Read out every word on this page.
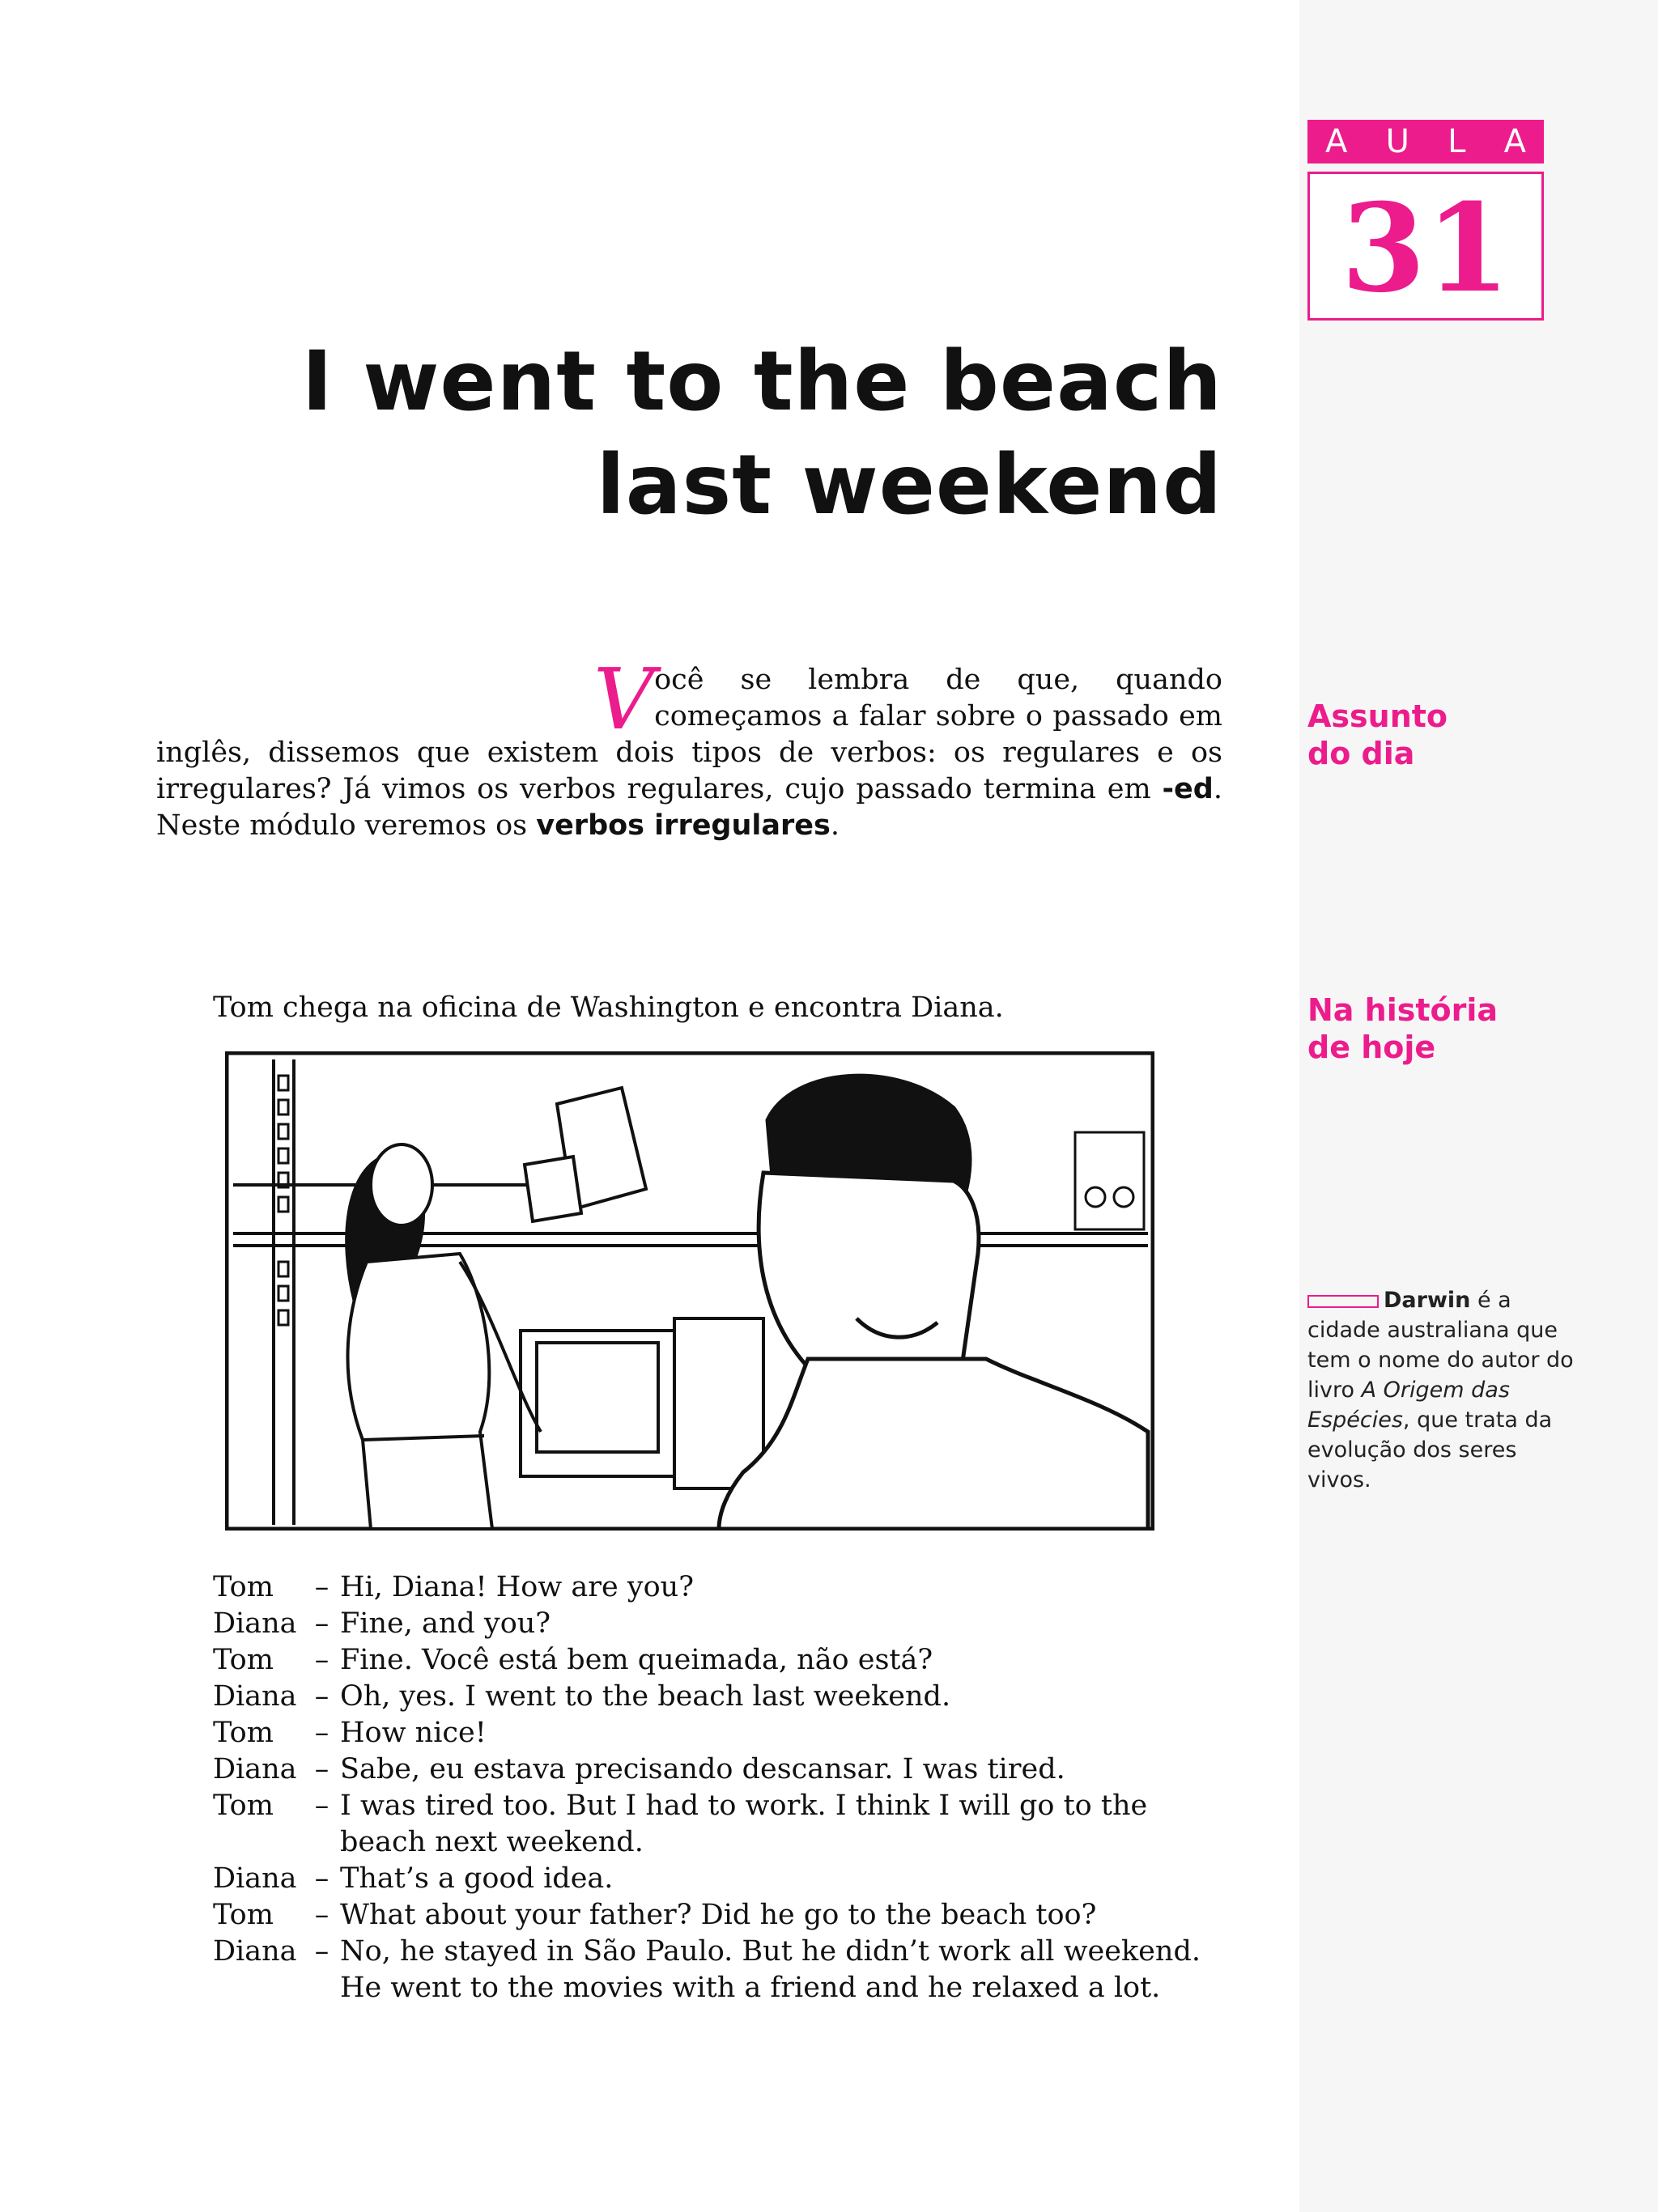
A U L A
31
I went to the beach
last weekend

Você se lembra de que, quando começamos a falar sobre o passado em inglês, dissemos que existem dois tipos de verbos: os regulares e os irregulares? Já vimos os verbos regulares, cujo passado termina em -ed. Neste módulo veremos os verbos irregulares.

Assunto
do dia

Na história
de hoje

Tom chega na oficina de Washington e encontra Diana.

Darwin é a cidade australiana que tem o nome do autor do livro A Origem das Espécies, que trata da evolução dos seres vivos.

Tom	– Hi, Diana! How are you?
Diana – Fine, and you?
Tom	– Fine. Você está bem queimada, não está?
Diana – Oh, yes. I went to the beach last weekend.
Tom	– How nice!
Diana – Sabe, eu estava precisando descansar. I was tired.
Tom	– I was tired too. But I had to work. I think I will go to the beach next weekend.
Diana – That’s a good idea.
Tom	– What about your father? Did he go to the beach too?
Diana – No, he stayed in São Paulo. But he didn’t work all weekend. He went to the movies with a friend and he relaxed a lot.
